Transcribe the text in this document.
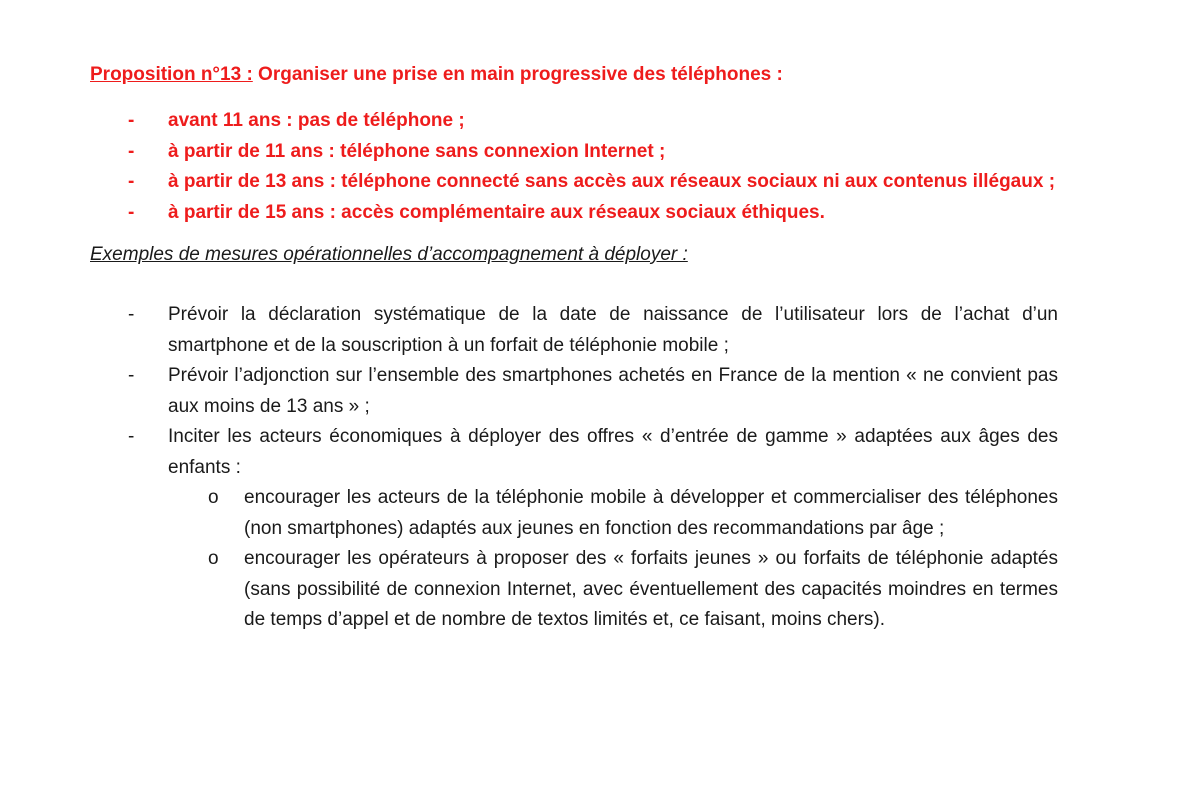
Proposition n°13 : Organiser une prise en main progressive des téléphones :

- avant 11 ans : pas de téléphone ;
- à partir de 11 ans : téléphone sans connexion Internet ;
- à partir de 13 ans : téléphone connecté sans accès aux réseaux sociaux ni aux contenus illégaux ;
- à partir de 15 ans : accès complémentaire aux réseaux sociaux éthiques.

Exemples de mesures opérationnelles d’accompagnement à déployer :

- Prévoir la déclaration systématique de la date de naissance de l’utilisateur lors de l’achat d’un smartphone et de la souscription à un forfait de téléphonie mobile ;
- Prévoir l’adjonction sur l’ensemble des smartphones achetés en France de la mention « ne convient pas aux moins de 13 ans » ;
- Inciter les acteurs économiques à déployer des offres « d’entrée de gamme » adaptées aux âges des enfants :
o encourager les acteurs de la téléphonie mobile à développer et commercialiser des téléphones (non smartphones) adaptés aux jeunes en fonction des recommandations par âge ;
o encourager les opérateurs à proposer des « forfaits jeunes » ou forfaits de téléphonie adaptés (sans possibilité de connexion Internet, avec éventuellement des capacités moindres en termes de temps d’appel et de nombre de textos limités et, ce faisant, moins chers).
